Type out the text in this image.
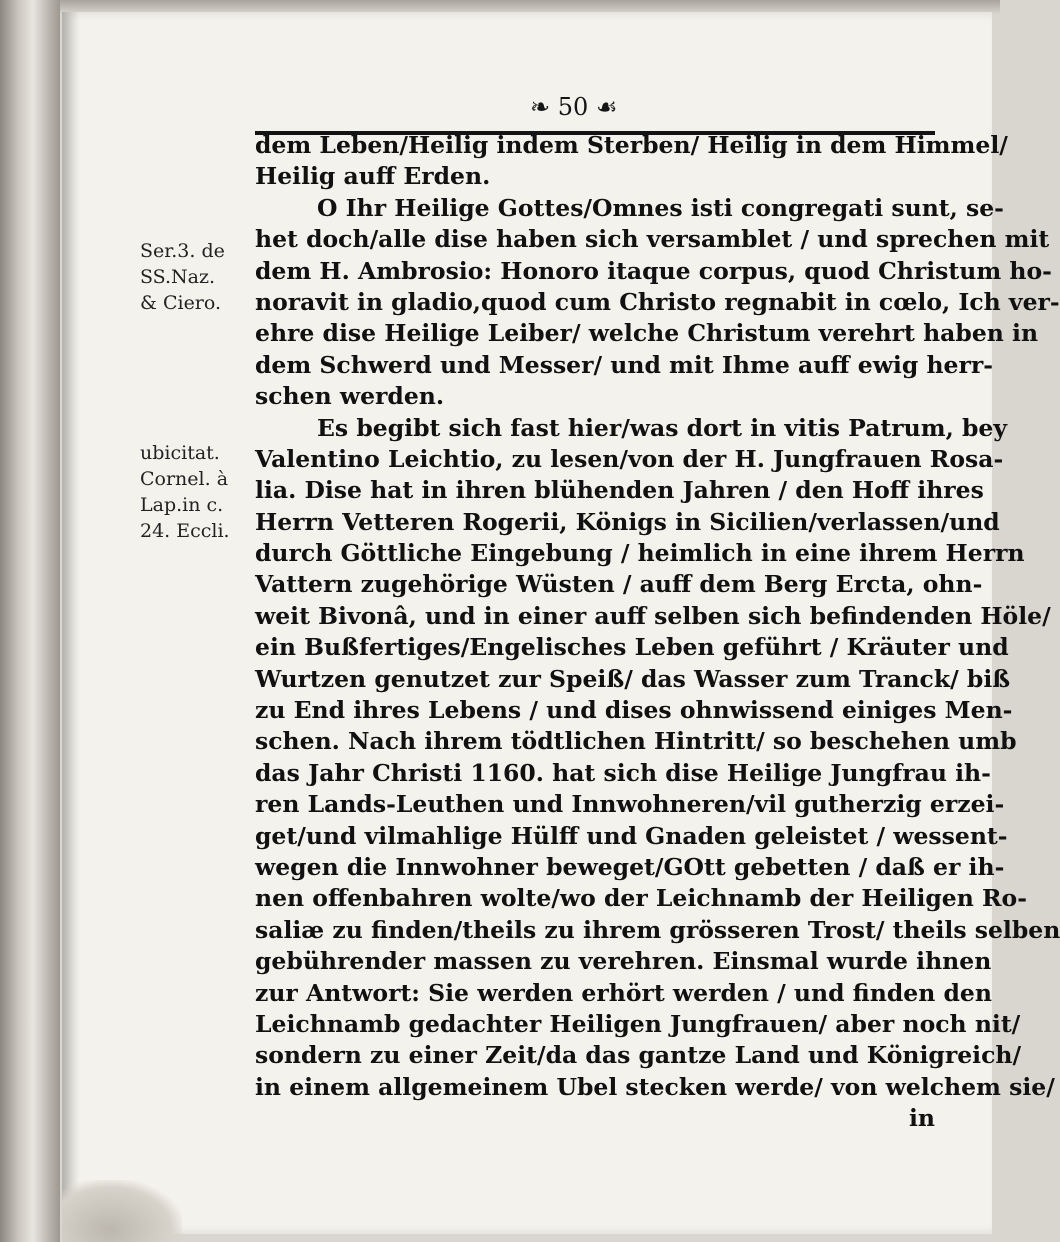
❧ 50 ☙
Ser.3. de
SS.Naz.
& Ciero.
ubicitat.
Cornel. à
Lap.in c.
24. Eccli.
dem Leben/Heilig indem Sterben/ Heilig in dem Himmel/
Heilig auff Erden.
O Ihr Heilige Gottes/Omnes isti congregati sunt, se-
het doch/alle dise haben sich versamblet / und sprechen mit
dem H. Ambrosio: Honoro itaque corpus, quod Christum ho-
noravit in gladio,quod cum Christo regnabit in cœlo, Ich ver-
ehre dise Heilige Leiber/ welche Christum verehrt haben in
dem Schwerd und Messer/ und mit Ihme auff ewig herr-
schen werden.
Es begibt sich fast hier/was dort in vitis Patrum, bey
Valentino Leichtio, zu lesen/von der H. Jungfrauen Rosa-
lia. Dise hat in ihren blühenden Jahren / den Hoff ihres
Herrn Vetteren Rogerii, Königs in Sicilien/verlassen/und
durch Göttliche Eingebung / heimlich in eine ihrem Herrn
Vattern zugehörige Wüsten / auff dem Berg Ercta, ohn-
weit Bivonâ, und in einer auff selben sich befindenden Höle/
ein Bußfertiges/Engelisches Leben geführt / Kräuter und
Wurtzen genutzet zur Speiß/ das Wasser zum Tranck/ biß
zu End ihres Lebens / und dises ohnwissend einiges Men-
schen. Nach ihrem tödtlichen Hintritt/ so beschehen umb
das Jahr Christi 1160. hat sich dise Heilige Jungfrau ih-
ren Lands-Leuthen und Innwohneren/vil gutherzig erzei-
get/und vilmahlige Hülff und Gnaden geleistet / wessent-
wegen die Innwohner beweget/GOtt gebetten / daß er ih-
nen offenbahren wolte/wo der Leichnamb der Heiligen Ro-
saliæ zu finden/theils zu ihrem grösseren Trost/ theils selben
gebührender massen zu verehren. Einsmal wurde ihnen
zur Antwort: Sie werden erhört werden / und finden den
Leichnamb gedachter Heiligen Jungfrauen/ aber noch nit/
sondern zu einer Zeit/da das gantze Land und Königreich/
in einem allgemeinem Ubel stecken werde/ von welchem sie/
in
